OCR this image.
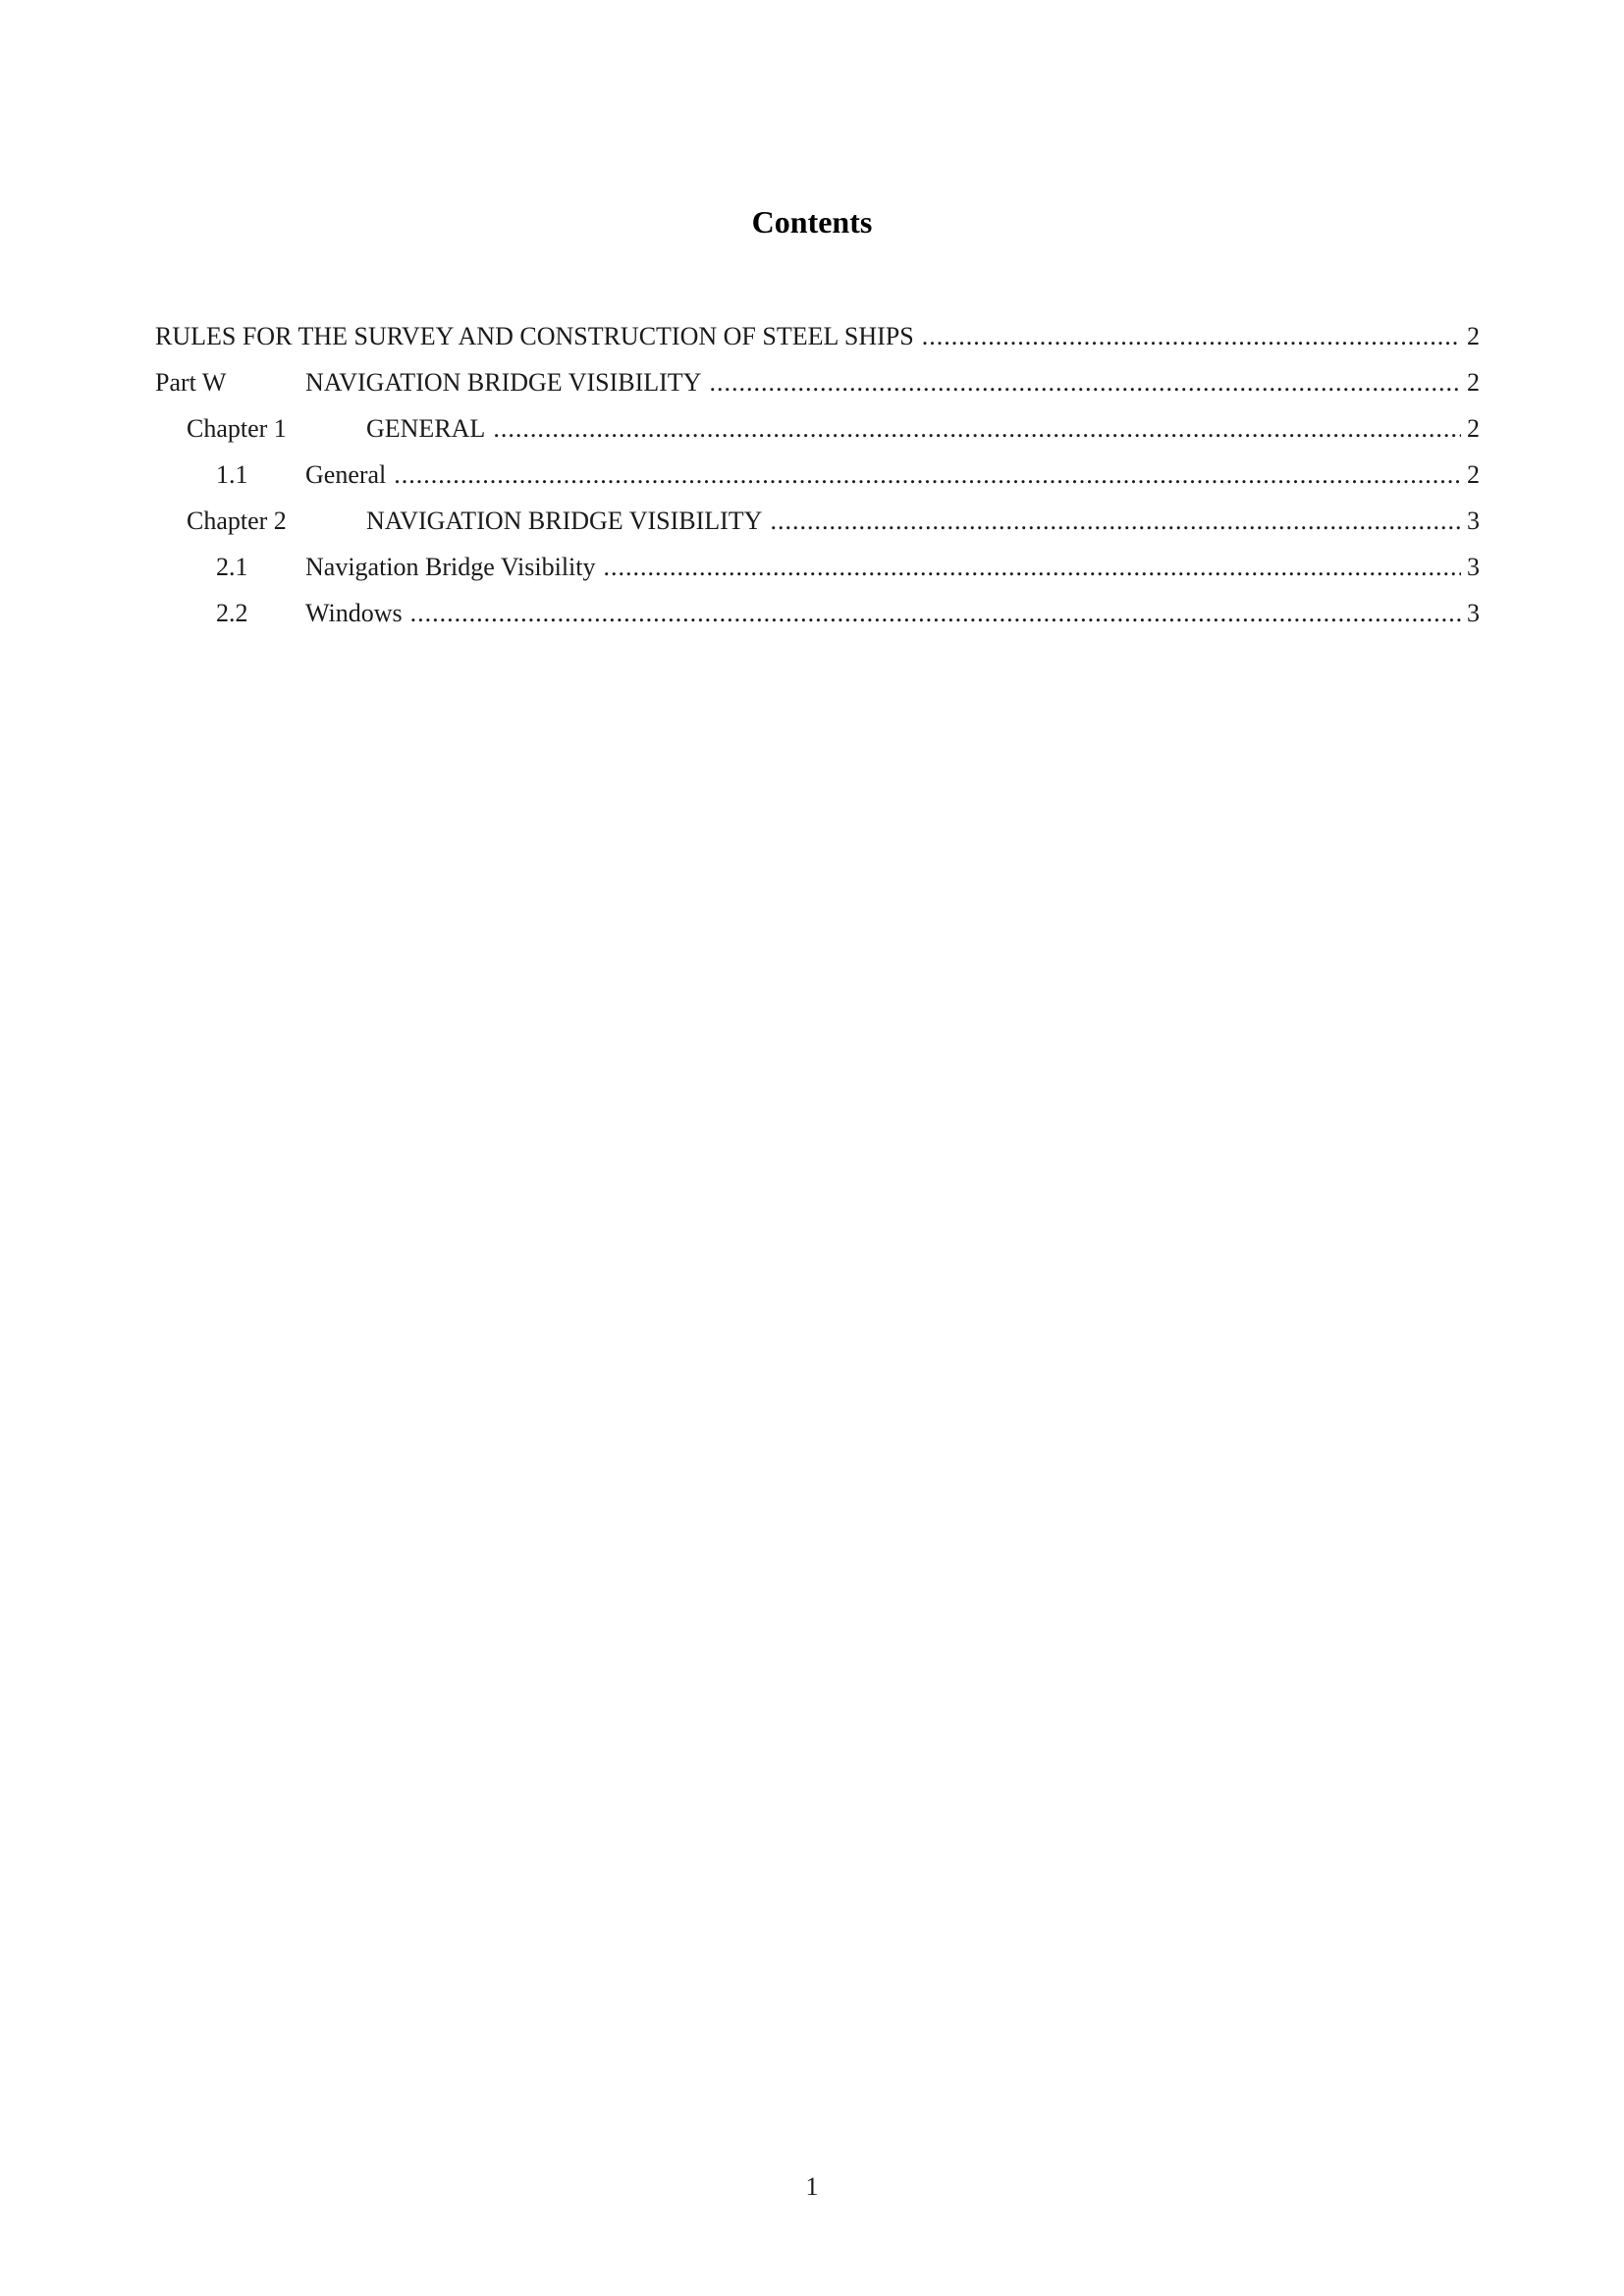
Contents
RULES FOR THE SURVEY AND CONSTRUCTION OF STEEL SHIPS .....	2
Part W	NAVIGATION BRIDGE VISIBILITY .....	2
Chapter 1	GENERAL .....	2
1.1	General .....	2
Chapter 2	NAVIGATION BRIDGE VISIBILITY .....	3
2.1	Navigation Bridge Visibility .....	3
2.2	Windows .....	3
1
